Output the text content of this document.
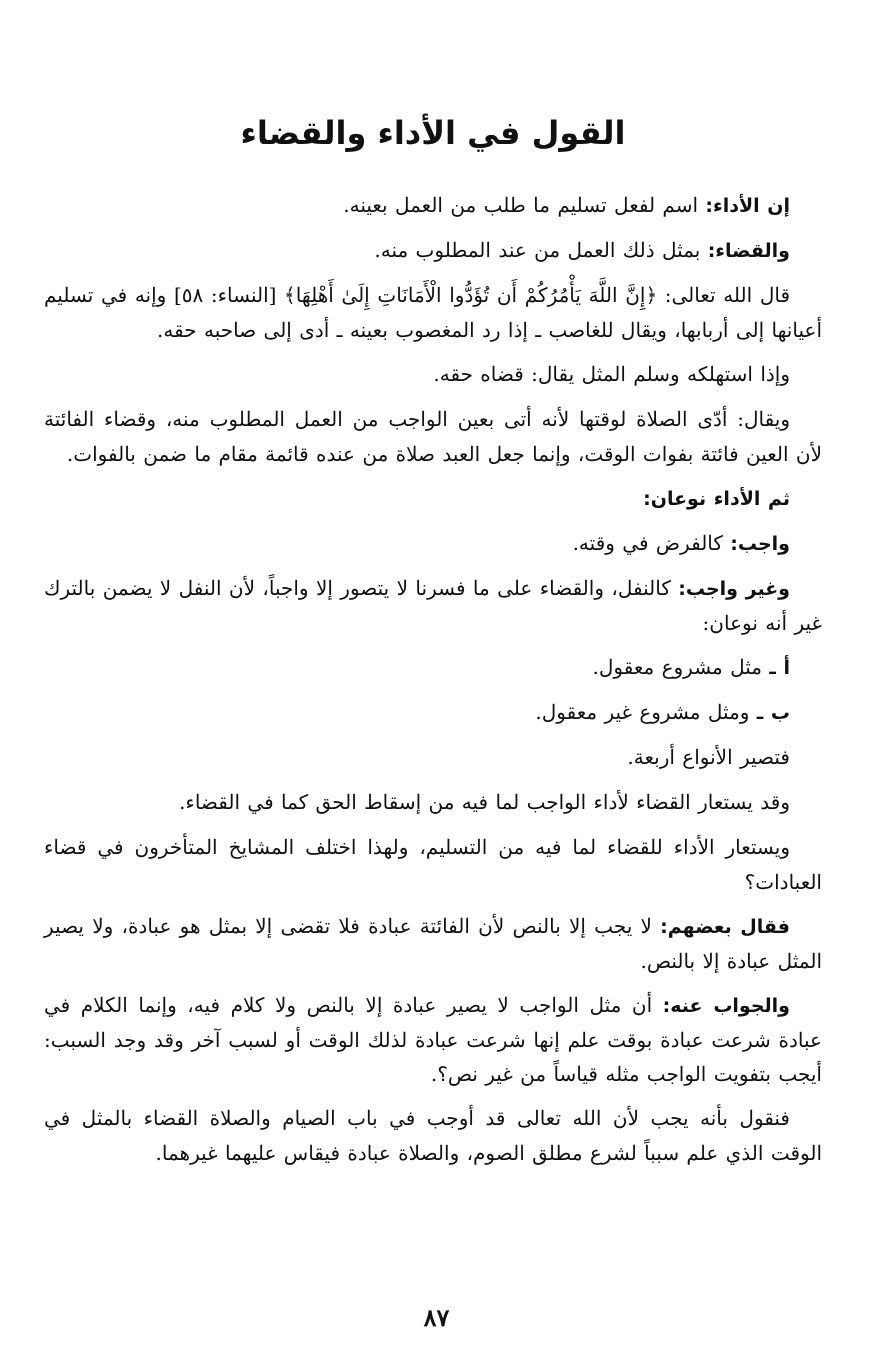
القول في الأداء والقضاء

إن الأداء: اسم لفعل تسليم ما طلب من العمل بعينه.

والقضاء: بمثل ذلك العمل من عند المطلوب منه.

قال الله تعالى: ﴿إِنَّ اللَّهَ يَأْمُرُكُمْ أَن تُؤَدُّوا الْأَمَانَاتِ إِلَىٰ أَهْلِهَا﴾ [النساء: ٥٨] وإنه في تسليم أعيانها إلى أربابها، ويقال للغاصب ـ إذا رد المغصوب بعينه ـ أدى إلى صاحبه حقه.

وإذا استهلكه وسلم المثل يقال: قضاه حقه.

ويقال: أدّى الصلاة لوقتها لأنه أتى بعين الواجب من العمل المطلوب منه، وقضاء الفائتة لأن العين فائتة بفوات الوقت، وإنما جعل العبد صلاة من عنده قائمة مقام ما ضمن بالفوات.

ثم الأداء نوعان:

واجب: كالفرض في وقته.

وغير واجب: كالنفل، والقضاء على ما فسرنا لا يتصور إلا واجباً، لأن النفل لا يضمن بالترك غير أنه نوعان:

أ ـ مثل مشروع معقول.

ب ـ ومثل مشروع غير معقول.

فتصير الأنواع أربعة.

وقد يستعار القضاء لأداء الواجب لما فيه من إسقاط الحق كما في القضاء.

ويستعار الأداء للقضاء لما فيه من التسليم، ولهذا اختلف المشايخ المتأخرون في قضاء العبادات؟

فقال بعضهم: لا يجب إلا بالنص لأن الفائتة عبادة فلا تقضى إلا بمثل هو عبادة، ولا يصير المثل عبادة إلا بالنص.

والجواب عنه: أن مثل الواجب لا يصير عبادة إلا بالنص ولا كلام فيه، وإنما الكلام في عبادة شرعت عبادة بوقت علم إنها شرعت عبادة لذلك الوقت أو لسبب آخر وقد وجد السبب: أيجب بتفويت الواجب مثله قياساً من غير نص؟.

فنقول بأنه يجب لأن الله تعالى قد أوجب في باب الصيام والصلاة القضاء بالمثل في الوقت الذي علم سبباً لشرع مطلق الصوم، والصلاة عبادة فيقاس عليهما غيرهما.

٨٧
